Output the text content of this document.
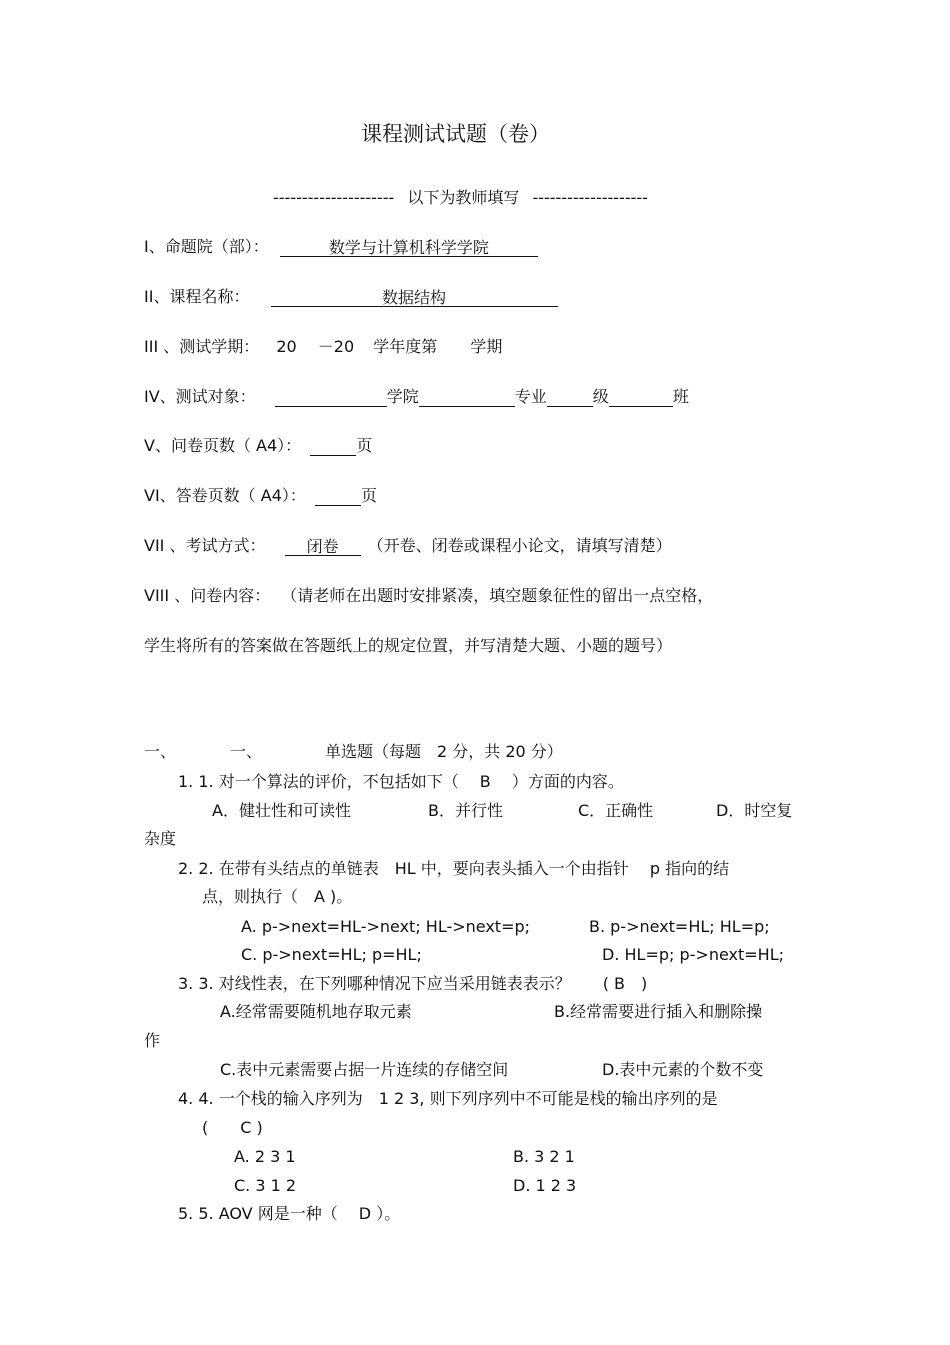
课程测试试题（卷）
--------------------- 以下为教师填写 --------------------
I、命题院（部）：	数学与计算机科学学院
II、课程名称：	数据结构
III 、测试学期： 20 －20 学年度第 学期
IV、测试对象：	学院	专业	级	班
V、问卷页数（ A4）：	页
VI、答卷页数（ A4）：	页
VII 、考试方式：	闭卷 （开卷、闭卷或课程小论文，请填写清楚）
VIII 、问卷内容： （请老师在出题时安排紧凑，填空题象征性的留出一点空格，
学生将所有的答案做在答题纸上的规定位置，并写清楚大题、小题的题号）
一、	一、	单选题（每题　2 分，共 20 分）
1. 1. 对一个算法的评价，不包括如下（　 B　 ）方面的内容。
A．健壮性和可读性	B．并行性	C．正确性	D．时空复
杂度
2. 2. 在带有头结点的单链表　HL 中，要向表头插入一个由指针　 p 指向的结
点，则执行（　A )。
A. p->next=HL->next; HL->next=p;	B. p->next=HL; HL=p;
C. p->next=HL; p=HL;	D. HL=p; p->next=HL;
3. 3. 对线性表，在下列哪种情况下应当采用链表表示？　　( B　)
A.经常需要随机地存取元素	B.经常需要进行插入和删除操
作
C.表中元素需要占据一片连续的存储空间	D.表中元素的个数不变
4. 4. 一个栈的输入序列为　1 2 3, 则下列序列中不可能是栈的输出序列的是
(　　C )
A. 2 3 1	B. 3 2 1
C. 3 1 2	D. 1 2 3
5. 5. AOV 网是一种（　 D ）。
